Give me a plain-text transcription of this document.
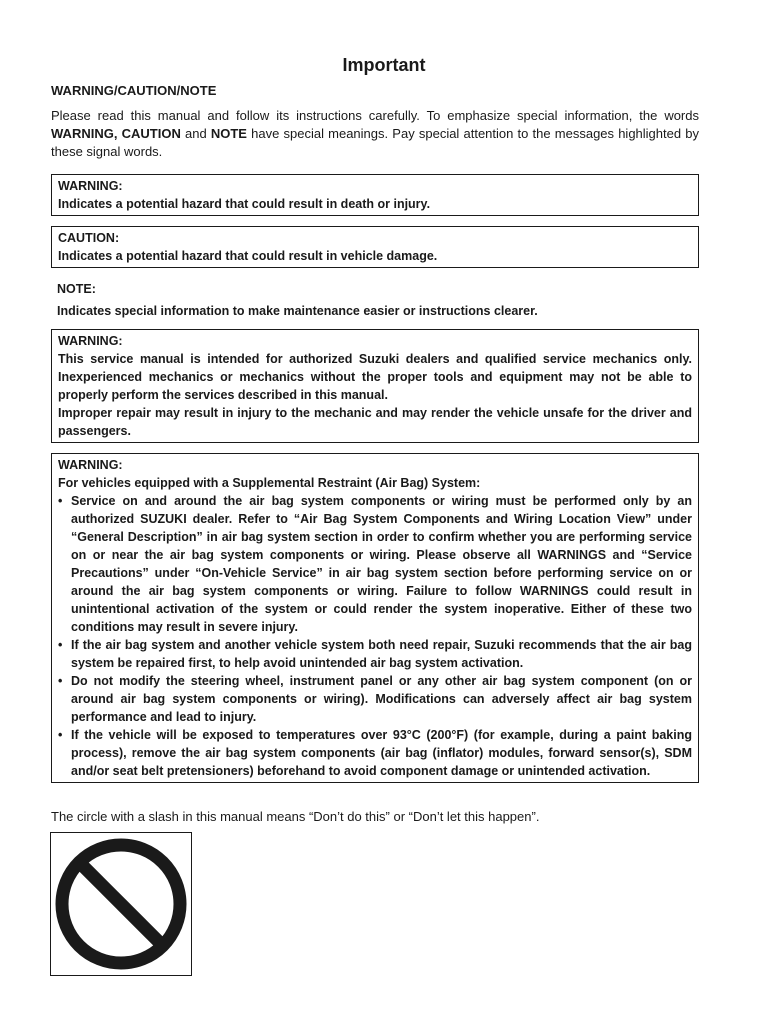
Important
WARNING/CAUTION/NOTE
Please read this manual and follow its instructions carefully. To emphasize special information, the words WARNING, CAUTION and NOTE have special meanings. Pay special attention to the messages highlighted by these signal words.
WARNING:
Indicates a potential hazard that could result in death or injury.
CAUTION:
Indicates a potential hazard that could result in vehicle damage.
NOTE:
Indicates special information to make maintenance easier or instructions clearer.
WARNING:
This service manual is intended for authorized Suzuki dealers and qualified service mechanics only. Inexperienced mechanics or mechanics without the proper tools and equipment may not be able to properly perform the services described in this manual.
Improper repair may result in injury to the mechanic and may render the vehicle unsafe for the driver and passengers.
WARNING:
For vehicles equipped with a Supplemental Restraint (Air Bag) System:
• Service on and around the air bag system components or wiring must be performed only by an authorized SUZUKI dealer. Refer to “Air Bag System Components and Wiring Location View” under “General Description” in air bag system section in order to confirm whether you are performing service on or near the air bag system components or wiring. Please observe all WARNINGS and “Service Precautions” under “On-Vehicle Service” in air bag system section before performing service on or around the air bag system components or wiring. Failure to follow WARNINGS could result in unintentional activation of the system or could render the system inoperative. Either of these two conditions may result in severe injury.
• If the air bag system and another vehicle system both need repair, Suzuki recommends that the air bag system be repaired first, to help avoid unintended air bag system activation.
• Do not modify the steering wheel, instrument panel or any other air bag system component (on or around air bag system components or wiring). Modifications can adversely affect air bag system performance and lead to injury.
• If the vehicle will be exposed to temperatures over 93°C (200°F) (for example, during a paint baking process), remove the air bag system components (air bag (inflator) modules, forward sensor(s), SDM and/or seat belt pretensioners) beforehand to avoid component damage or unintended activation.
The circle with a slash in this manual means “Don’t do this” or “Don’t let this happen”.
